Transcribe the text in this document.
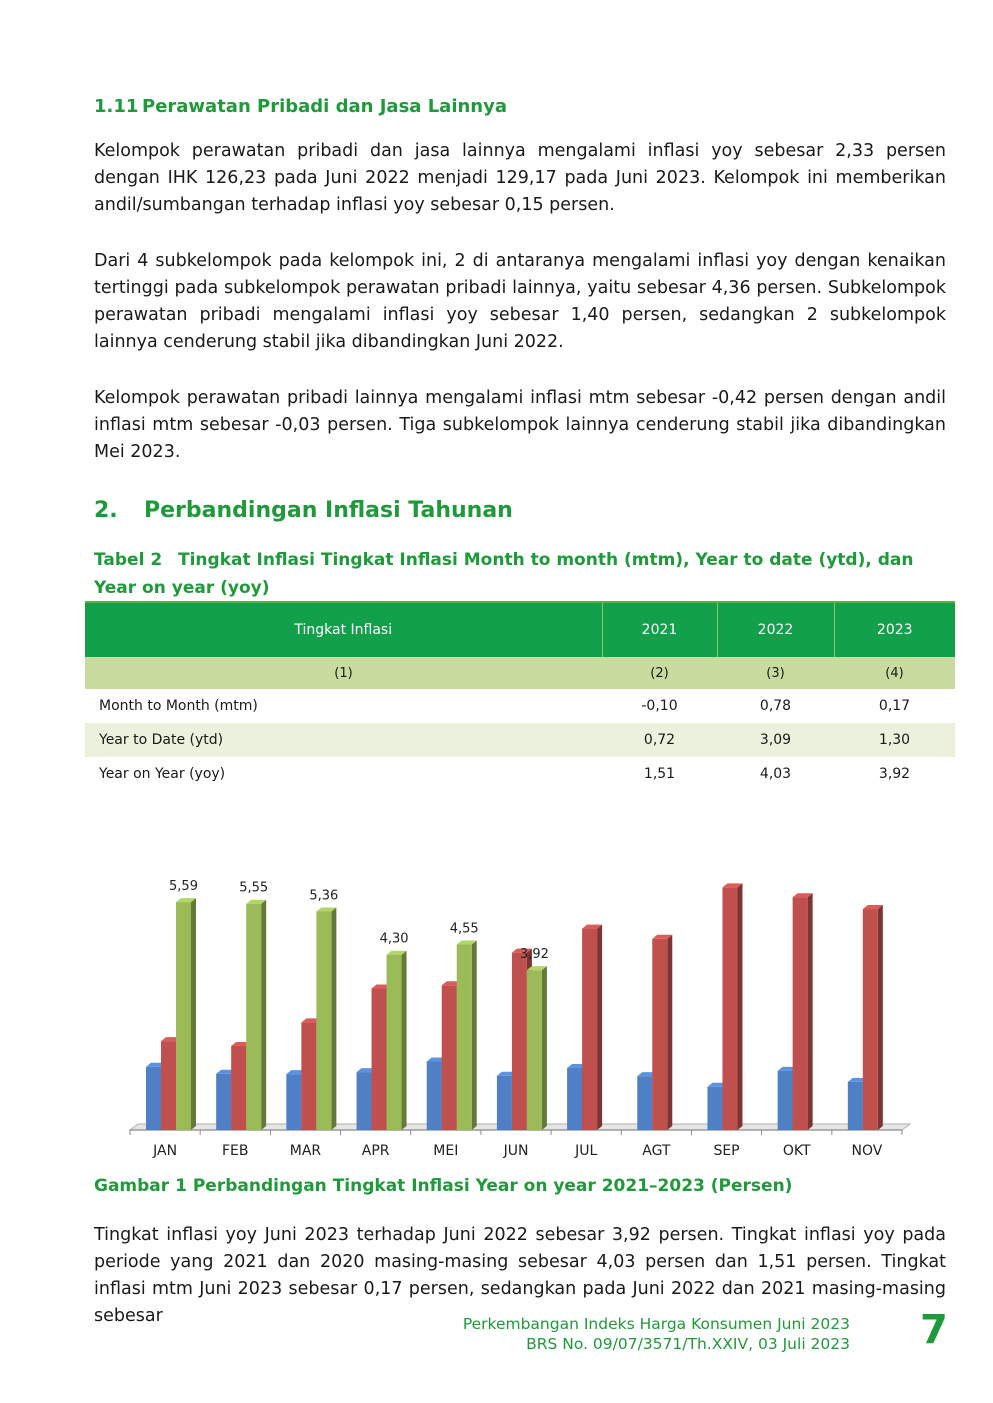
1.11 Perawatan Pribadi dan Jasa Lainnya
Kelompok perawatan pribadi dan jasa lainnya mengalami inflasi yoy sebesar 2,33 persen dengan IHK 126,23 pada Juni 2022 menjadi 129,17 pada Juni 2023. Kelompok ini memberikan andil/sumbangan terhadap inflasi yoy sebesar 0,15 persen.
Dari 4 subkelompok pada kelompok ini, 2 di antaranya mengalami inflasi yoy dengan kenaikan tertinggi pada subkelompok perawatan pribadi lainnya, yaitu sebesar 4,36 persen. Subkelompok perawatan pribadi mengalami inflasi yoy sebesar 1,40 persen, sedangkan 2 subkelompok lainnya cenderung stabil jika dibandingkan Juni 2022.
Kelompok perawatan pribadi lainnya mengalami inflasi mtm sebesar -0,42 persen dengan andil inflasi mtm sebesar -0,03 persen. Tiga subkelompok lainnya cenderung stabil jika dibandingkan Mei 2023.
2. Perbandingan Inflasi Tahunan
Tabel 2 Tingkat Inflasi Tingkat Inflasi Month to month (mtm), Year to date (ytd), dan Year on year (yoy)
Tingkat Inflasi	2021	2022	2023
(1)	(2)	(3)	(4)
Month to Month (mtm)	-0,10	0,78	0,17
Year to Date (ytd)	0,72	3,09	1,30
Year on Year (yoy)	1,51	4,03	3,92
JAN	FEB	MAR	APR	MEI	JUN	JUL	AGT	SEP	OKT	NOV
5,59	5,55
5,36
4,30
4,55
3,92
Gambar 1 Perbandingan Tingkat Inflasi Year on year 2021–2023 (Persen)
Tingkat inflasi yoy Juni 2023 terhadap Juni 2022 sebesar 3,92 persen. Tingkat inflasi yoy pada periode yang 2021 dan 2020 masing-masing sebesar 4,03 persen dan 1,51 persen. Tingkat inflasi mtm Juni 2023 sebesar 0,17 persen, sedangkan pada Juni 2022 dan 2021 masing-masing sebesar	Perkembangan Indeks Harga Konsumen Juni 2023
BRS No. 09/07/3571/Th.XXIV, 03 Juli 2023 7
